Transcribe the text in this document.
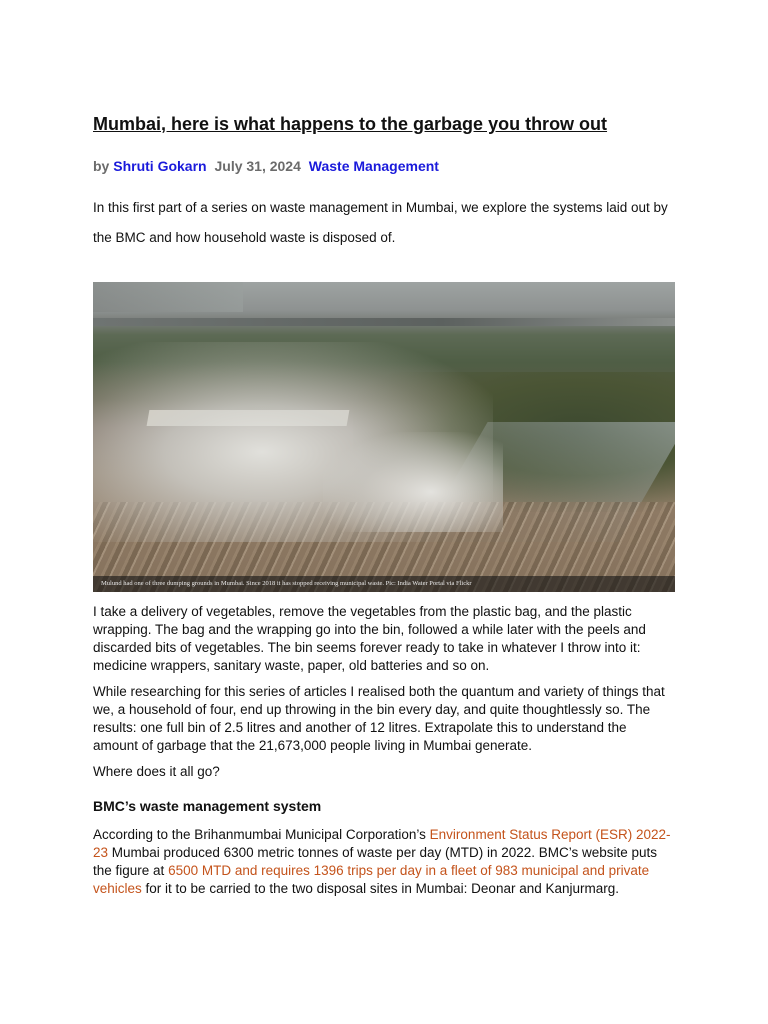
Mumbai, here is what happens to the garbage you throw out
by Shruti Gokarn July 31, 2024 Waste Management

In this first part of a series on waste management in Mumbai, we explore the systems laid out by the BMC and how household waste is disposed of.

Mulund had one of three dumping grounds in Mumbai. Since 2018 it has stopped receiving municipal waste. Pic: India Water Portal via Flickr

I take a delivery of vegetables, remove the vegetables from the plastic bag, and the plastic wrapping. The bag and the wrapping go into the bin, followed a while later with the peels and discarded bits of vegetables. The bin seems forever ready to take in whatever I throw into it: medicine wrappers, sanitary waste, paper, old batteries and so on.

While researching for this series of articles I realised both the quantum and variety of things that we, a household of four, end up throwing in the bin every day, and quite thoughtlessly so. The results: one full bin of 2.5 litres and another of 12 litres. Extrapolate this to understand the amount of garbage that the 21,673,000 people living in Mumbai generate.

Where does it all go?

BMC’s waste management system

According to the Brihanmumbai Municipal Corporation’s Environment Status Report (ESR) 2022-23 Mumbai produced 6300 metric tonnes of waste per day (MTD) in 2022. BMC’s website puts the figure at 6500 MTD and requires 1396 trips per day in a fleet of 983 municipal and private vehicles for it to be carried to the two disposal sites in Mumbai: Deonar and Kanjurmarg.
